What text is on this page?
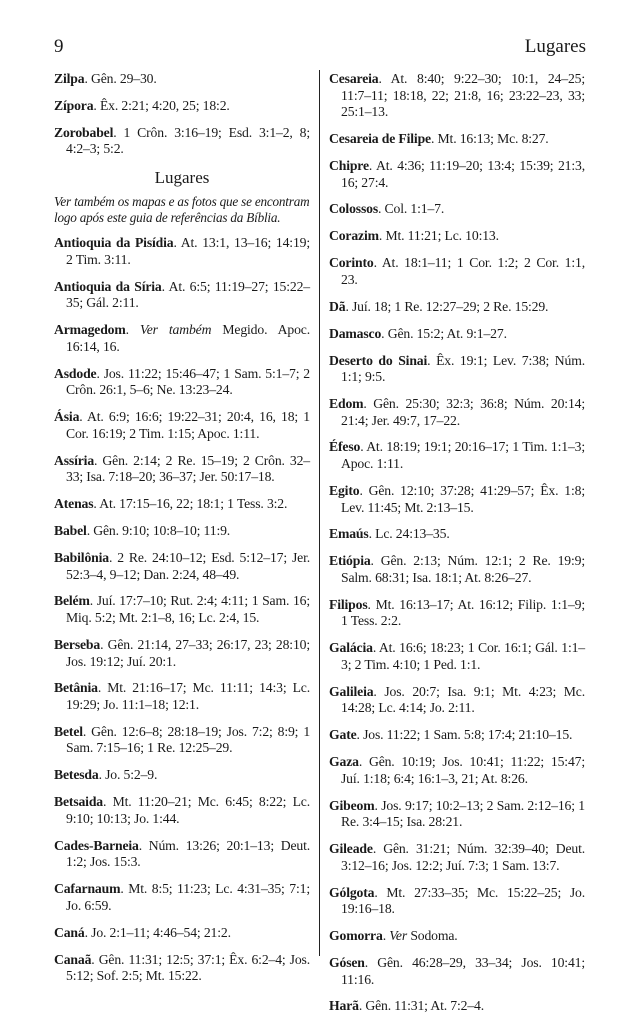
9	Lugares

Zilpa. Gên. 29–30.

Zípora. Êx. 2:21; 4:20, 25; 18:2.

Zorobabel. 1 Crôn. 3:16–19; Esd. 3:1–2, 8; 4:2–3; 5:2.

Lugares
Ver também os mapas e as fotos que se encontram logo após este guia de referências da Bíblia.

Antioquia da Pisídia. At. 13:1, 13–16; 14:19; 2 Tim. 3:11.

Antioquia da Síria. At. 6:5; 11:19–27; 15:22–35; Gál. 2:11.

Armagedom. Ver também Megido. Apoc. 16:14, 16.

Asdode. Jos. 11:22; 15:46–47; 1 Sam. 5:1–7; 2 Crôn. 26:1, 5–6; Ne. 13:23–24.

Ásia. At. 6:9; 16:6; 19:22–31; 20:4, 16, 18; 1 Cor. 16:19; 2 Tim. 1:15; Apoc. 1:11.

Assíria. Gên. 2:14; 2 Re. 15–19; 2 Crôn. 32–33; Isa. 7:18–20; 36–37; Jer. 50:17–18.

Atenas. At. 17:15–16, 22; 18:1; 1 Tess. 3:2.

Babel. Gên. 9:10; 10:8–10; 11:9.

Babilônia. 2 Re. 24:10–12; Esd. 5:12–17; Jer. 52:3–4, 9–12; Dan. 2:24, 48–49.

Belém. Juí. 17:7–10; Rut. 2:4; 4:11; 1 Sam. 16; Miq. 5:2; Mt. 2:1–8, 16; Lc. 2:4, 15.

Berseba. Gên. 21:14, 27–33; 26:17, 23; 28:10; Jos. 19:12; Juí. 20:1.

Betânia. Mt. 21:16–17; Mc. 11:11; 14:3; Lc. 19:29; Jo. 11:1–18; 12:1.

Betel. Gên. 12:6–8; 28:18–19; Jos. 7:2; 8:9; 1 Sam. 7:15–16; 1 Re. 12:25–29.

Betesda. Jo. 5:2–9.

Betsaida. Mt. 11:20–21; Mc. 6:45; 8:22; Lc. 9:10; 10:13; Jo. 1:44.

Cades-Barneia. Núm. 13:26; 20:1–13; Deut. 1:2; Jos. 15:3.

Cafarnaum. Mt. 8:5; 11:23; Lc. 4:31–35; 7:1; Jo. 6:59.

Caná. Jo. 2:1–11; 4:46–54; 21:2.

Canaã. Gên. 11:31; 12:5; 37:1; Êx. 6:2–4; Jos. 5:12; Sof. 2:5; Mt. 15:22.

Cesareia. At. 8:40; 9:22–30; 10:1, 24–25; 11:7–11; 18:18, 22; 21:8, 16; 23:22–23, 33; 25:1–13.

Cesareia de Filipe. Mt. 16:13; Mc. 8:27.

Chipre. At. 4:36; 11:19–20; 13:4; 15:39; 21:3, 16; 27:4.

Colossos. Col. 1:1–7.

Corazim. Mt. 11:21; Lc. 10:13.

Corinto. At. 18:1–11; 1 Cor. 1:2; 2 Cor. 1:1, 23.

Dã. Juí. 18; 1 Re. 12:27–29; 2 Re. 15:29.

Damasco. Gên. 15:2; At. 9:1–27.

Deserto do Sinai. Êx. 19:1; Lev. 7:38; Núm. 1:1; 9:5.

Edom. Gên. 25:30; 32:3; 36:8; Núm. 20:14; 21:4; Jer. 49:7, 17–22.

Éfeso. At. 18:19; 19:1; 20:16–17; 1 Tim. 1:1–3; Apoc. 1:11.

Egito. Gên. 12:10; 37:28; 41:29–57; Êx. 1:8; Lev. 11:45; Mt. 2:13–15.

Emaús. Lc. 24:13–35.

Etiópia. Gên. 2:13; Núm. 12:1; 2 Re. 19:9; Salm. 68:31; Isa. 18:1; At. 8:26–27.

Filipos. Mt. 16:13–17; At. 16:12; Filip. 1:1–9; 1 Tess. 2:2.

Galácia. At. 16:6; 18:23; 1 Cor. 16:1; Gál. 1:1–3; 2 Tim. 4:10; 1 Ped. 1:1.

Galileia. Jos. 20:7; Isa. 9:1; Mt. 4:23; Mc. 14:28; Lc. 4:14; Jo. 2:11.

Gate. Jos. 11:22; 1 Sam. 5:8; 17:4; 21:10–15.

Gaza. Gên. 10:19; Jos. 10:41; 11:22; 15:47; Juí. 1:18; 6:4; 16:1–3, 21; At. 8:26.

Gibeom. Jos. 9:17; 10:2–13; 2 Sam. 2:12–16; 1 Re. 3:4–15; Isa. 28:21.

Gileade. Gên. 31:21; Núm. 32:39–40; Deut. 3:12–16; Jos. 12:2; Juí. 7:3; 1 Sam. 13:7.

Gólgota. Mt. 27:33–35; Mc. 15:22–25; Jo. 19:16–18.

Gomorra. Ver Sodoma.

Gósen. Gên. 46:28–29, 33–34; Jos. 10:41; 11:16.

Harã. Gên. 11:31; At. 7:2–4.
